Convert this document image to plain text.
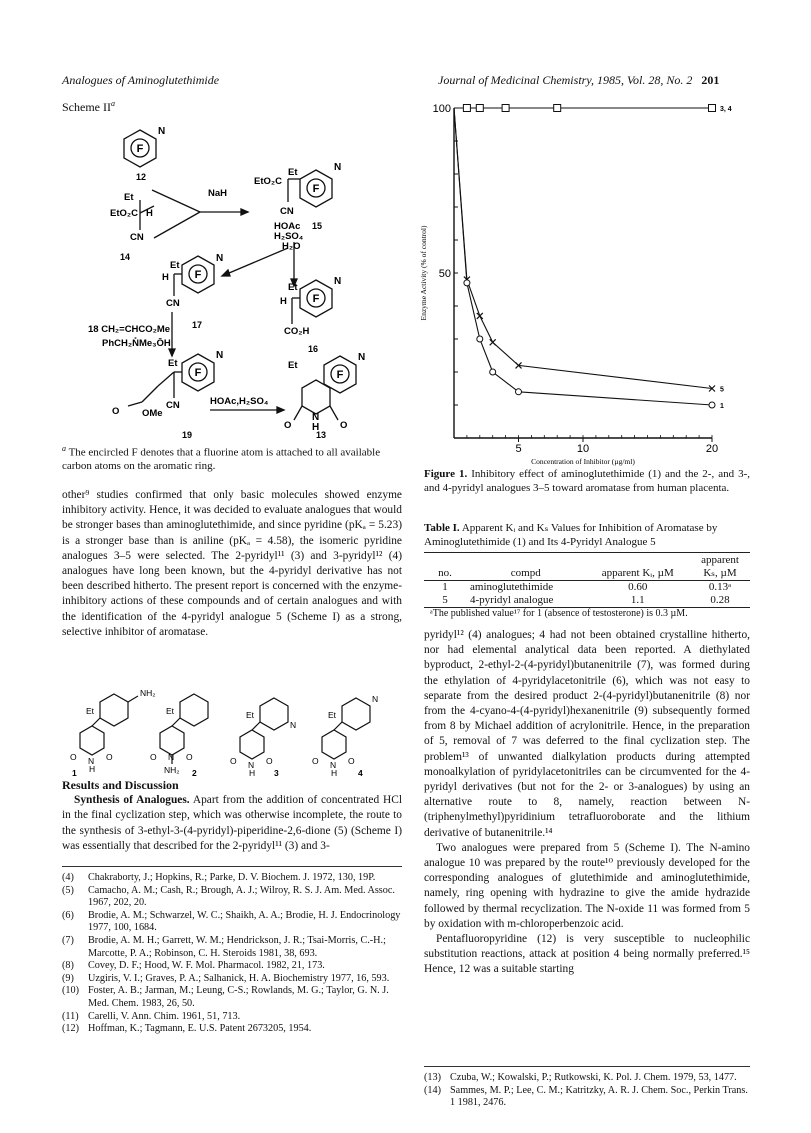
Analogues of Aminoglutethimide	Journal of Medicinal Chemistry, 1985, Vol. 28, No. 2 201
Scheme $II^a$
F
F
F
F
F	F
N
N
N
N
N	N
N
H
Et
EtO₂C H
CN
NaH
EtO₂C
Et
CN
HOAc
H₂SO₄
H₂O
H
Et
CN	H
Et
CO₂H
18 CH₂=CHCO₂Me
PhCH₂N̊Me₃ŌH
Et
O OMe
CN	HOAc,H₂SO₄
Et
O	O
12
14
15
17
16
19	13
$^a$ The encircled F denotes that a fluorine atom is attached to all available carbon atoms on the aromatic ring.

other⁹ studies confirmed that only basic molecules showed enzyme inhibitory activity. Hence, it was decided to evaluate analogues that would be stronger bases than aminoglutethimide, and since pyridine (pKₐ = 5.23) is a stronger base than is aniline (pKₐ = 4.58), the isomeric pyridine analogues 3–5 were selected. The 2-pyridyl¹¹ (3) and 3-pyridyl¹² (4) analogues have long been known, but the 4-pyridyl derivative has not been described hitherto. The present report is concerned with the enzyme-inhibitory actions of these compounds and of certain analogues and with the identification of the 4-pyridyl analogue 5 (Scheme I) as a strong, selective inhibitor of aromatase.

NH₂
Et
N
H
O	O
Et
N
NH₂
O	O
Et
N
N
H
O	O
Et
N
N
H
O	O
1	2	3	4
Results and Discussion

Synthesis of Analogues. Apart from the addition of concentrated HCl in the final cyclization step, which was otherwise incomplete, the route to the synthesis of 3-ethyl-3-(4-pyridyl)-piperidine-2,6-dione (5) (Scheme I) was essentially that described for the 2-pyridyl¹¹ (3) and 3-

(4)	Chakraborty, J.; Hopkins, R.; Parke, D. V. Biochem. J. 1972, 130, 19P.
(5)	Camacho, A. M.; Cash, R.; Brough, A. J.; Wilroy, R. S. J. Am. Med. Assoc. 1967, 202, 20.
(6)	Brodie, A. M.; Schwarzel, W. C.; Shaikh, A. A.; Brodie, H. J. Endocrinology 1977, 100, 1684.
(7)	Brodie, A. M. H.; Garrett, W. M.; Hendrickson, J. R.; Tsai-Morris, C.-H.; Marcotte, P. A.; Robinson, C. H. Steroids 1981, 38, 693.
(8)	Covey, D. F.; Hood, W. F. Mol. Pharmacol. 1982, 21, 173.
(9)	Uzgiris, V. I.; Graves, P. A.; Salhanick, H. A. Biochemistry 1977, 16, 593.
(10) Foster, A. B.; Jarman, M.; Leung, C-S.; Rowlands, M. G.; Taylor, G. N. J. Med. Chem. 1983, 26, 50.
(11) Carelli, V. Ann. Chim. 1961, 51, 713.
(12) Hoffman, K.; Tagmann, E. U.S. Patent 2673205, 1954.
50
100
5	10	20
3, 4
5
1
Enzyme Activity (% of control)
Concentration of Inhibitor (µg/ml)
Figure 1. Inhibitory effect of aminoglutethimide (1) and the 2-, and 3-, and 4-pyridyl analogues 3–5 toward aromatase from human placenta.
Table I. Apparent Kᵢ and Kₛ Values for Inhibition of Aromatase by Aminoglutethimide (1) and Its 4-Pyridyl Analogue 5
no.	compd	apparent Kᵢ, µM	apparent
Kₛ, µM

1	aminoglutethimide	0.60	0.13ᵃ
5	4-pyridyl analogue	1.1	0.28
ᵃThe published value¹⁷ for 1 (absence of testosterone) is 0.3 µM.

pyridyl¹² (4) analogues; 4 had not been obtained crystalline hitherto, nor had elemental analytical data been reported. A diethylated byproduct, 2-ethyl-2-(4-pyridyl)butanenitrile (7), was formed during the ethylation of 4-pyridylacetonitrile (6), which was not easy to separate from the desired product 2-(4-pyridyl)butanenitrile (8) nor from the 4-cyano-4-(4-pyridyl)hexanenitrile (9) subsequently formed from 8 by Michael addition of acrylonitrile. Hence, in the preparation of 5, removal of 7 was deferred to the final cyclization step. The problem¹³ of unwanted dialkylation products during attempted monoalkylation of pyridylacetonitriles can be circumvented for the 4-pyridyl derivatives (but not for the 2- or 3-analogues) by using an alternative route to 8, namely, reaction between N-(triphenylmethyl)pyridinium tetrafluoroborate and the lithium derivative of butanenitrile.¹⁴

Two analogues were prepared from 5 (Scheme I). The N-amino analogue 10 was prepared by the route¹⁰ previously developed for the corresponding analogues of glutethimide and aminoglutethimide, namely, ring opening with hydrazine to give the amide hydrazide followed by thermal recyclization. The N-oxide 11 was formed from 5 by oxidation with m-chloroperbenzoic acid.

Pentafluoropyridine (12) is very susceptible to nucleophilic substitution reactions, attack at position 4 being normally preferred.¹⁵ Hence, 12 was a suitable starting

(13) Czuba, W.; Kowalski, P.; Rutkowski, K. Pol. J. Chem. 1979, 53, 1477.
(14) Sammes, M. P.; Lee, C. M.; Katritzky, A. R. J. Chem. Soc., Perkin Trans. 1 1981, 2476.
